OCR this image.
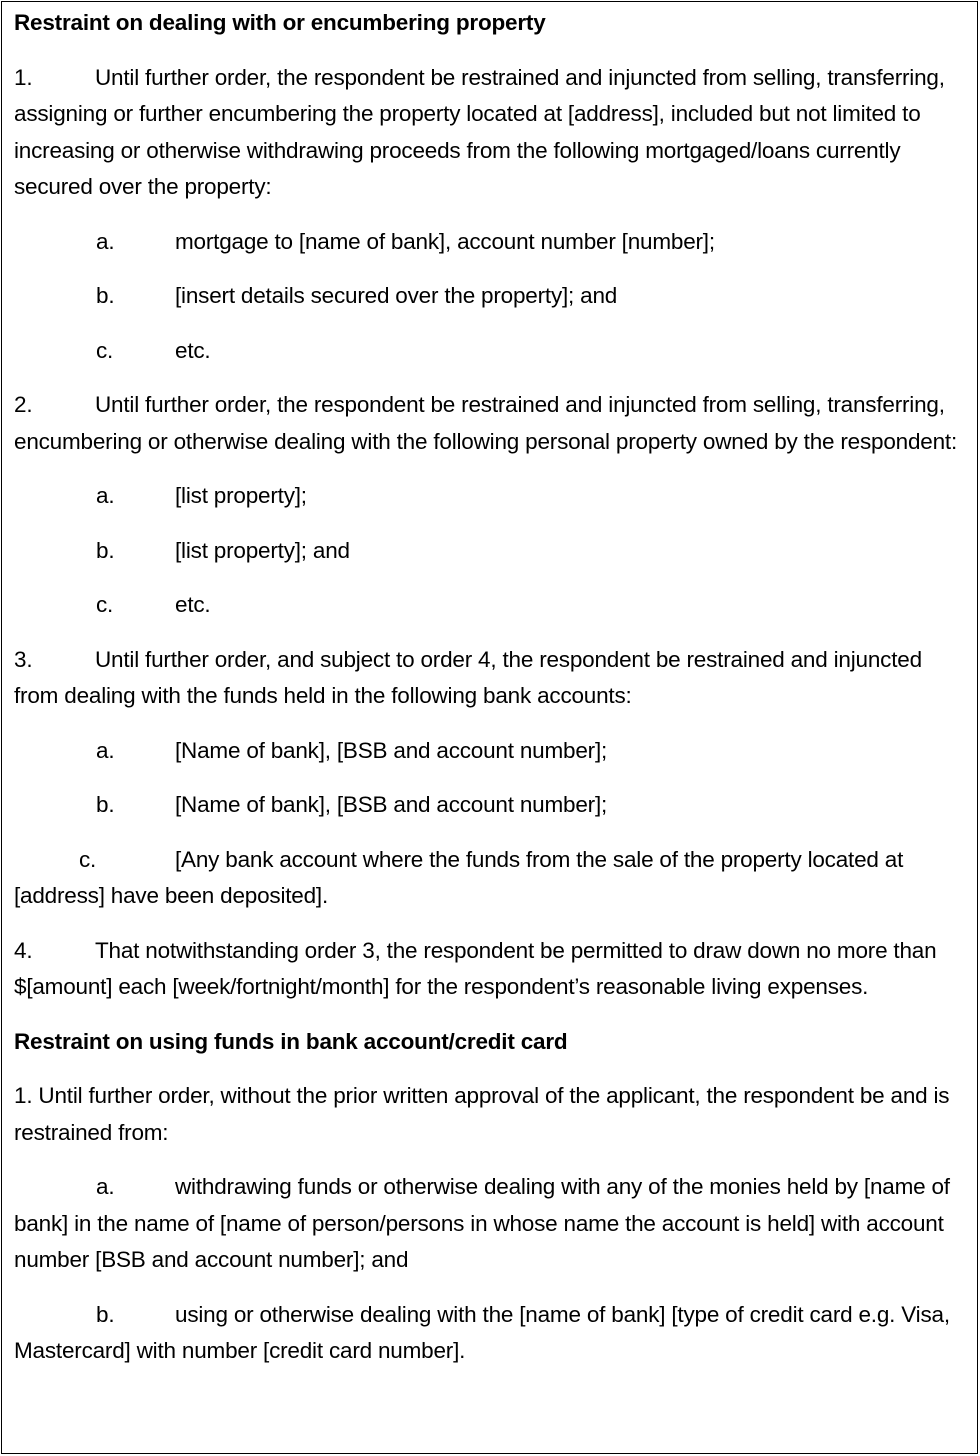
Restraint on dealing with or encumbering property
1.	Until further order, the respondent be restrained and injuncted from selling, transferring, assigning or further encumbering the property located at [address], included but not limited to increasing or otherwise withdrawing proceeds from the following mortgaged/loans currently secured over the property:
a.	mortgage to [name of bank], account number [number];
b.	[insert details secured over the property]; and
c.	etc.
2.	Until further order, the respondent be restrained and injuncted from selling, transferring, encumbering or otherwise dealing with the following personal property owned by the respondent:
a.	[list property];
b.	[list property]; and
c.	etc.
3.	Until further order, and subject to order 4, the respondent be restrained and injuncted from dealing with the funds held in the following bank accounts:
a.	[Name of bank], [BSB and account number];
b.	[Name of bank], [BSB and account number];
c.	[Any bank account where the funds from the sale of the property located at [address] have been deposited].
4.	That notwithstanding order 3, the respondent be permitted to draw down no more than $[amount] each [week/fortnight/month] for the respondent’s reasonable living expenses.
Restraint on using funds in bank account/credit card
1. Until further order, without the prior written approval of the applicant, the respondent be and is restrained from:
a.	withdrawing funds or otherwise dealing with any of the monies held by [name of bank] in the name of [name of person/persons in whose name the account is held] with account number [BSB and account number]; and
b.	using or otherwise dealing with the [name of bank] [type of credit card e.g. Visa, Mastercard] with number [credit card number].
